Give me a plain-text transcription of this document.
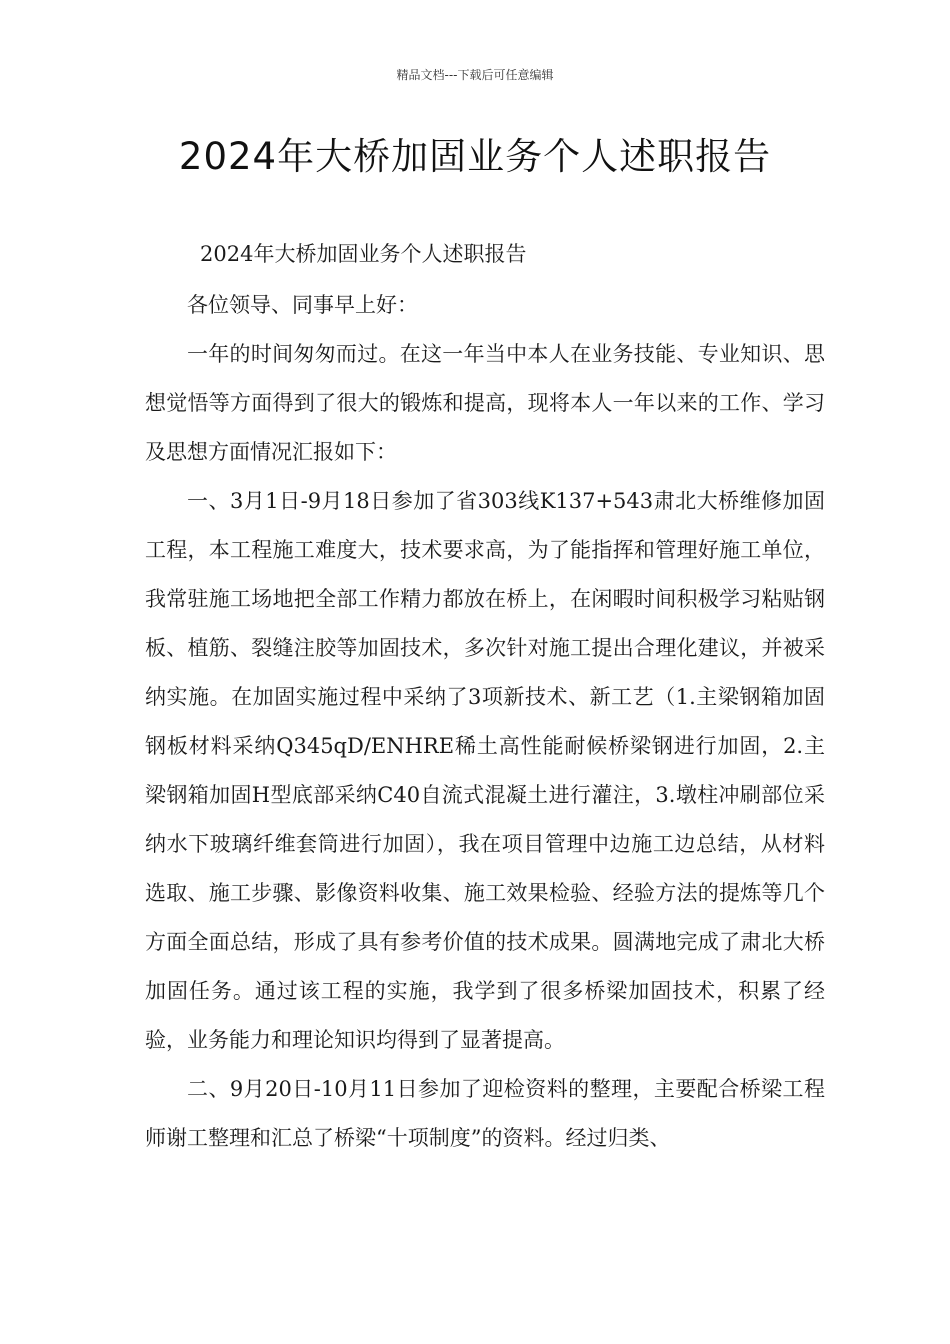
精品文档---下载后可任意编辑
2024年大桥加固业务个人述职报告

2024年大桥加固业务个人述职报告

各位领导、同事早上好：

一年的时间匆匆而过。在这一年当中本人在业务技能、专业知识、思想觉悟等方面得到了很大的锻炼和提高，现将本人一年以来的工作、学习及思想方面情况汇报如下：

一、3月1日-9月18日参加了省303线K137+543肃北大桥维修加固工程，本工程施工难度大，技术要求高，为了能指挥和管理好施工单位，我常驻施工场地把全部工作精力都放在桥上，在闲暇时间积极学习粘贴钢板、植筋、裂缝注胶等加固技术，多次针对施工提出合理化建议，并被采纳实施。在加固实施过程中采纳了3项新技术、新工艺（1.主梁钢箱加固钢板材料采纳Q345qD/ENHRE稀土高性能耐候桥梁钢进行加固，2.主梁钢箱加固H型底部采纳C40自流式混凝土进行灌注，3.墩柱冲刷部位采纳水下玻璃纤维套筒进行加固），我在项目管理中边施工边总结，从材料选取、施工步骤、影像资料收集、施工效果检验、经验方法的提炼等几个方面全面总结，形成了具有参考价值的技术成果。圆满地完成了肃北大桥加固任务。通过该工程的实施，我学到了很多桥梁加固技术，积累了经验，业务能力和理论知识均得到了显著提高。

二、9月20日-10月11日参加了迎检资料的整理，主要配合桥梁工程师谢工整理和汇总了桥梁“十项制度”的资料。经过归类、
